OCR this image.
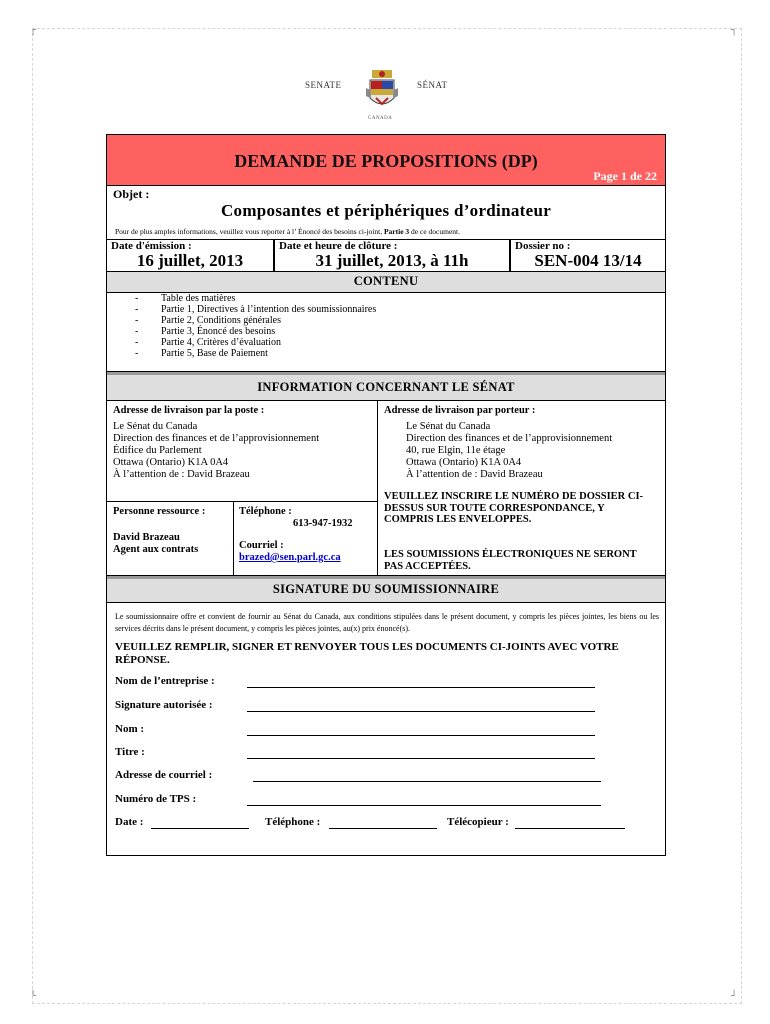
┌	┐
└	┘
SENATE	SÉNAT
CANADA
DEMANDE DE PROPOSITIONS (DP)
Page 1 de 22
Objet :
Composantes et périphériques d’ordinateur
Pour de plus amples informations, veuillez vous reporter à l’ Énoncé des besoins ci-joint, Partie 3 de ce document.
Date d'émission :
16 juillet, 2013
Date et heure de clôture :
31 juillet, 2013, à 11h
Dossier no :
SEN-004 13/14
CONTENU
- Table des matières
- Partie 1, Directives à l’intention des soumissionnaires
- Partie 2, Conditions générales
- Partie 3, Énoncé des besoins
- Partie 4, Critères d’évaluation
- Partie 5, Base de Paiement
INFORMATION CONCERNANT LE SÉNAT
Adresse de livraison par la poste :
Le Sénat du Canada
Direction des finances et de l’approvisionnement
Édifice du Parlement
Ottawa (Ontario) K1A 0A4
À l’attention de : David Brazeau
Personne ressource :
David Brazeau
Agent aux contrats
Téléphone :
613-947-1932
Courriel :
brazed@sen.parl.gc.ca
Adresse de livraison par porteur :
Le Sénat du Canada
Direction des finances et de l’approvisionnement
40, rue Elgin, 11e étage
Ottawa (Ontario) K1A 0A4
À l’attention de : David Brazeau
VEUILLEZ INSCRIRE LE NUMÉRO DE DOSSIER CI-DESSUS SUR TOUTE CORRESPONDANCE, Y COMPRIS LES ENVELOPPES.
LES SOUMISSIONS ÉLECTRONIQUES NE SERONT PAS ACCEPTÉES.
SIGNATURE DU SOUMISSIONNAIRE
Le soumissionnaire offre et convient de fournir au Sénat du Canada, aux conditions stipulées dans le présent document, y compris les pièces jointes, les biens ou les services décrits dans le présent document, y compris les pièces jointes, au(x) prix énoncé(s).
VEUILLEZ REMPLIR, SIGNER ET RENVOYER TOUS LES DOCUMENTS CI-JOINTS AVEC VOTRE RÉPONSE.
Nom de l’entreprise :
Signature autorisée :
Nom :
Titre :
Adresse de courriel :
Numéro de TPS :
Date :	Téléphone :	Télécopieur :
